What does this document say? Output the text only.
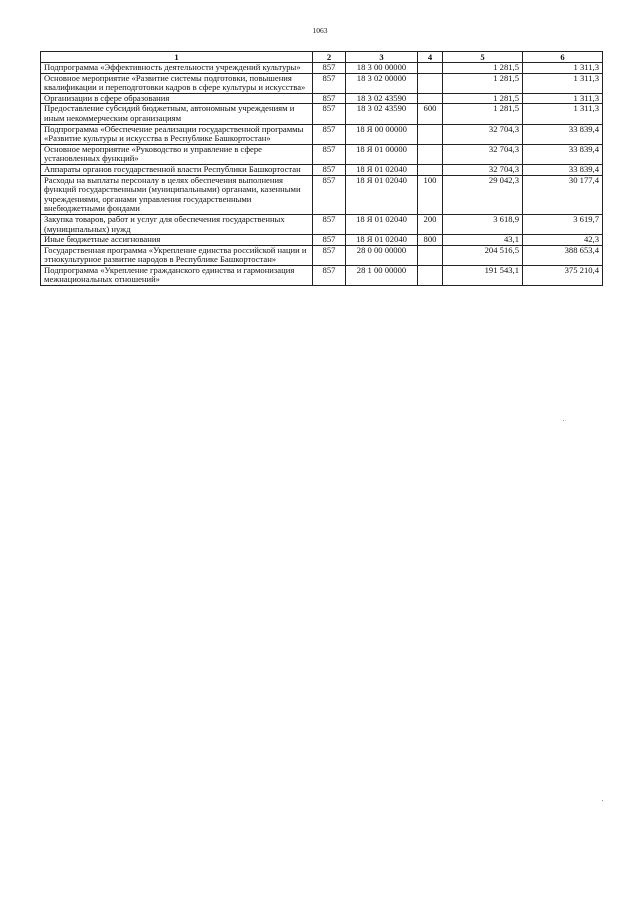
1063
1	2	3	4	5	6
Подпрограмма «Эффективность деятельности учреждений культуры»	857	18 3 00 00000		1 281,5	1 311,3
Основное мероприятие «Развитие системы подготовки, повышения квалификации и переподготовки кадров в сфере культуры и искусства»	857	18 3 02 00000		1 281,5	1 311,3
Организации в сфере образования	857	18 3 02 43590		1 281,5	1 311,3
Предоставление субсидий бюджетным, автономным учреждениям и иным некоммерческим организациям	857	18 3 02 43590	600	1 281,5	1 311,3
Подпрограмма «Обеспечение реализации государственной программы «Развитие культуры и искусства в Республике Башкортостан»	857	18 Я 00 00000		32 704,3	33 839,4
Основное мероприятие «Руководство и управление в сфере установленных функций»	857	18 Я 01 00000		32 704,3	33 839,4
Аппараты органов государственной власти Республики Башкортостан	857	18 Я 01 02040		32 704,3	33 839,4
Расходы на выплаты персоналу в целях обеспечения выполнения функций государственными (муниципальными) органами, казенными учреждениями, органами управления государственными внебюджетными фондами	857	18 Я 01 02040	100	29 042,3	30 177,4
Закупка товаров, работ и услуг для обеспечения государственных (муниципальных) нужд	857	18 Я 01 02040	200	3 618,9	3 619,7
Иные бюджетные ассигнования	857	18 Я 01 02040	800	43,1	42,3
Государственная программа «Укрепление единства российской нации и этнокультурное развитие народов в Республике Башкортостан»	857	28 0 00 00000		204 516,5	388 653,4
Подпрограмма «Укрепление гражданского единства и гармонизация межнациональных отношений»	857	28 1 00 00000		191 543,1	375 210,4
